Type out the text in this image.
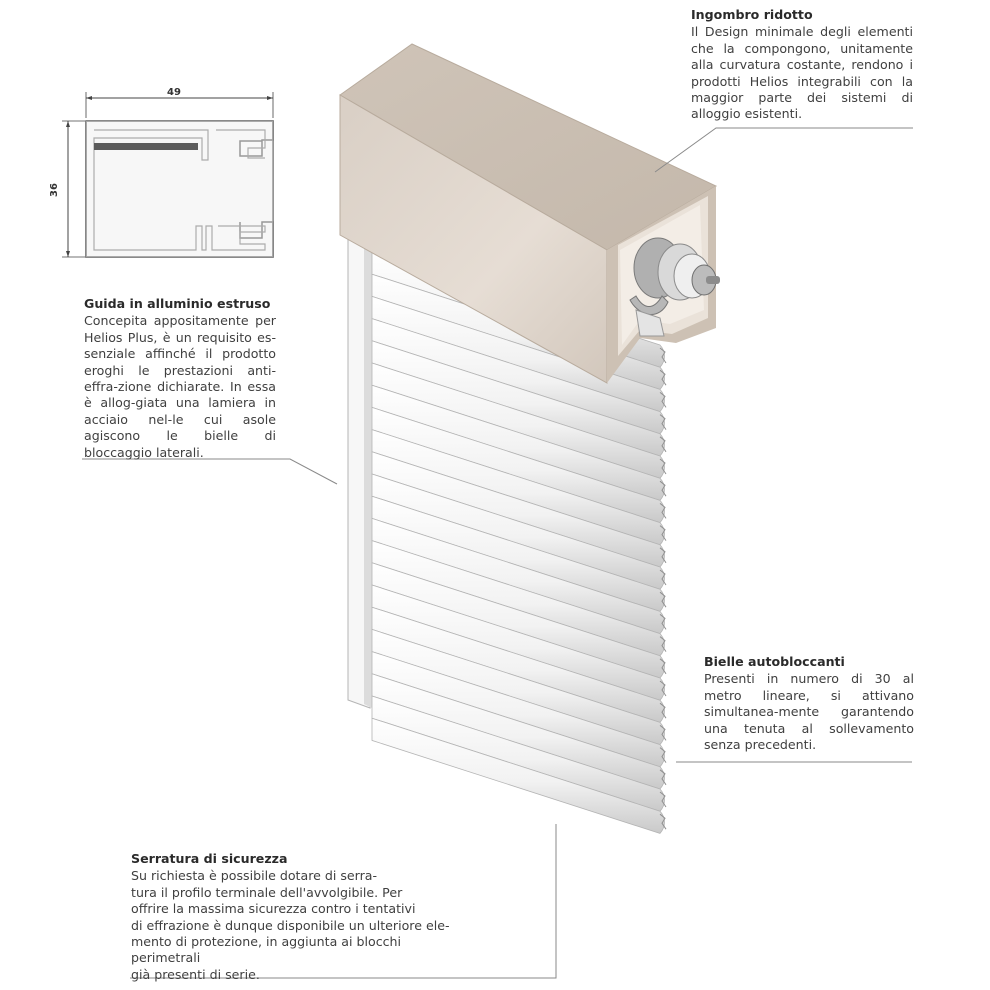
49
36
Ingombro ridotto
Il Design minimale degli elementi che la compongono, unitamente alla curvatura costante, rendono i prodotti Helios integrabili con la maggior parte dei sistemi di alloggio esistenti.
Guida in alluminio estruso
Concepita appositamente per Helios Plus, è un requisito es-senziale affinché il prodotto eroghi le prestazioni anti-effra-zione dichiarate. In essa è allog-giata una lamiera in acciaio nel-le cui asole agiscono le bielle di bloccaggio laterali.
Bielle autobloccanti
Presenti in numero di 30 al metro lineare, si attivano simultanea-mente garantendo una tenuta al sollevamento senza precedenti.
Serratura di sicurezza
Su richiesta è possibile dotare di serra-
tura il profilo terminale dell'avvolgibile. Per
offrire la massima sicurezza contro i tentativi
di effrazione è dunque disponibile un ulteriore ele-
mento di protezione, in aggiunta ai blocchi perimetrali
già presenti di serie.
